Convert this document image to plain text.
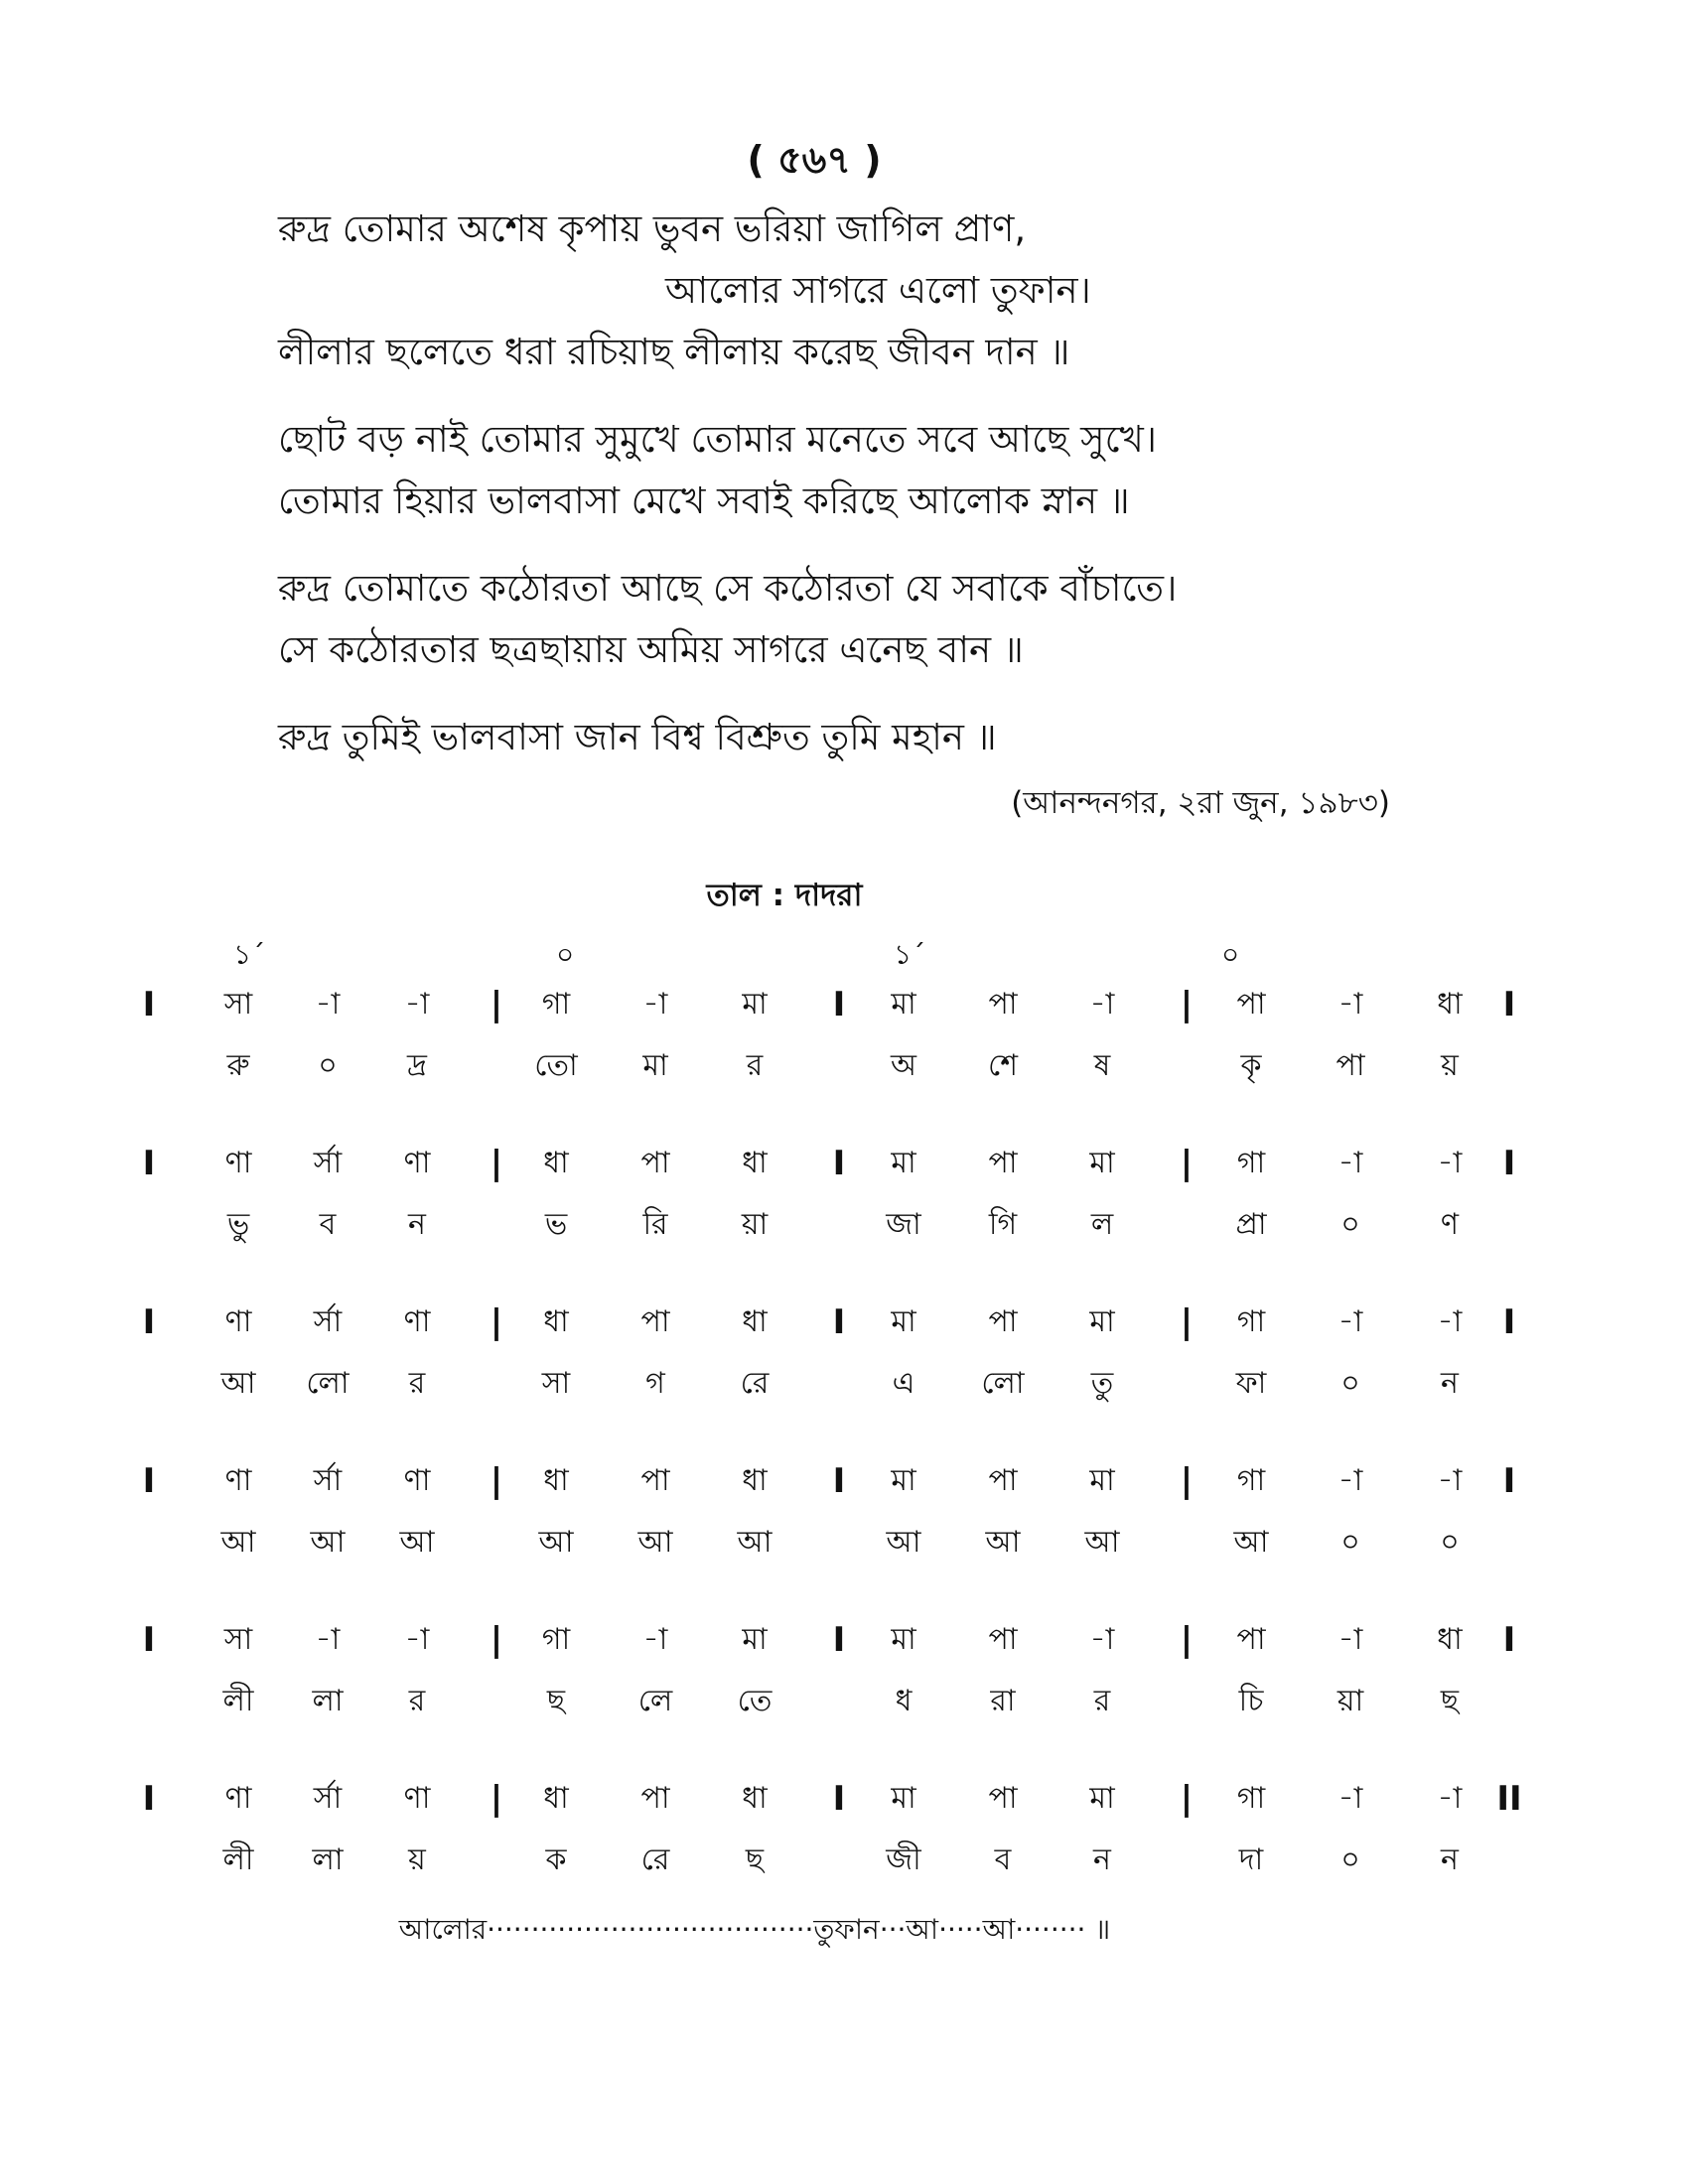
( ৫৬৭ )
রুদ্র তোমার অশেষ কৃপায় ভুবন ভরিয়া জাগিল প্রাণ,
আলোর সাগরে এলো তুফান।
লীলার ছলেতে ধরা রচিয়াছ লীলায় করেছ জীবন দান ॥
ছোট বড় নাই তোমার সুমুখে তোমার মনেতে সবে আছে সুখে।
তোমার হিয়ার ভালবাসা মেখে সবাই করিছে আলোক স্নান ॥
রুদ্র তোমাতে কঠোরতা আছে সে কঠোরতা যে সবাকে বাঁচাতে।
সে কঠোরতার ছত্রছায়ায় অমিয় সাগরে এনেছ বান ॥
রুদ্র তুমিই ভালবাসা জান বিশ্ব বিশ্রুত তুমি মহান ॥
(আনন্দনগর, ২রা জুন, ১৯৮৩)
তাল : দাদরা
১´	০	১´	০
I	|	I	|	I
সা	-া	-া	গা	-া	মা	মা	পা	-া	পা	-া	ধা
রু	০	দ্র	তো	মা	র	অ	শে	ষ	কৃ	পা	য়
I	|	I	|	I
ণা	র্সা	ণা	ধা	পা	ধা	মা	পা	মা	গা	-া	-া
ভু	ব	ন	ভ	রি	য়া	জা	গি	ল	প্রা	০	ণ
I	|	I	|	I
ণা	র্সা	ণা	ধা	পা	ধা	মা	পা	মা	গা	-া	-া
আ	লো	র	সা	গ	রে	এ	লো	তু	ফা	০	ন
I	|	I	|	I
ণা	র্সা	ণা	ধা	পা	ধা	মা	পা	মা	গা	-া	-া
আ	আ	আ	আ	আ	আ	আ	আ	আ	আ	০	০
I	|	I	|	I
সা	-া	-া	গা	-া	মা	মা	পা	-া	পা	-া	ধা
লী	লা	র	ছ	লে	তে	ধ	রা	র	চি	য়া	ছ
I	|	I	|	II
ণা	র্সা	ণা	ধা	পা	ধা	মা	পা	মা	গা	-া	-া
লী	লা	য়	ক	রে	ছ	জী	ব	ন	দা	০	ন
আলোর·····································তুফান···আ·····আ········ ॥
